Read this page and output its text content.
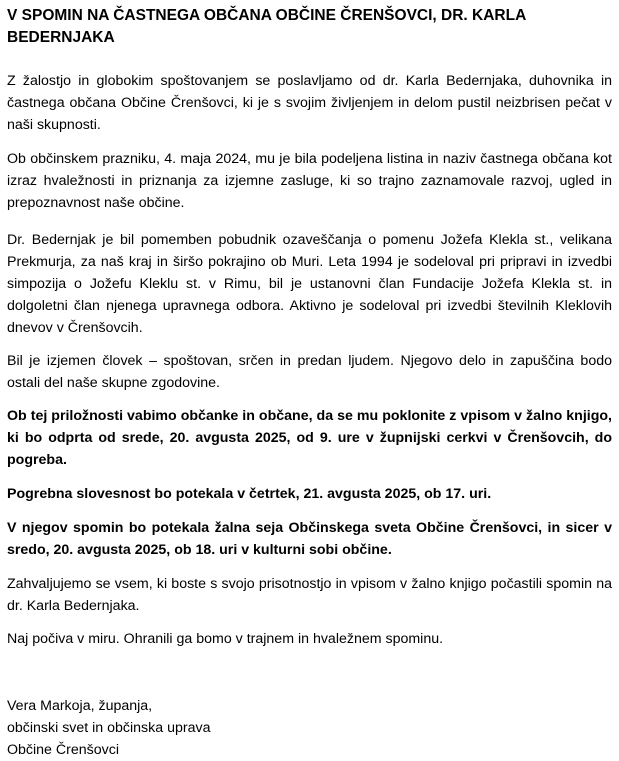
V SPOMIN NA ČASTNEGA OBČANA OBČINE ČRENŠOVCI, DR. KARLA BEDERNJAKA

Z žalostjo in globokim spoštovanjem se poslavljamo od dr. Karla Bedernjaka, duhovnika in častnega občana Občine Črenšovci, ki je s svojim življenjem in delom pustil neizbrisen pečat v naši skupnosti.

Ob občinskem prazniku, 4. maja 2024, mu je bila podeljena listina in naziv častnega občana kot izraz hvaležnosti in priznanja za izjemne zasluge, ki so trajno zaznamovale razvoj, ugled in prepoznavnost naše občine.

Dr. Bedernjak je bil pomemben pobudnik ozaveščanja o pomenu Jožefa Klekla st., velikana Prekmurja, za naš kraj in širšo pokrajino ob Muri. Leta 1994 je sodeloval pri pripravi in izvedbi simpozija o Jožefu Kleklu st. v Rimu, bil je ustanovni član Fundacije Jožefa Klekla st. in dolgoletni član njenega upravnega odbora. Aktivno je sodeloval pri izvedbi številnih Kleklovih dnevov v Črenšovcih.

Bil je izjemen človek – spoštovan, srčen in predan ljudem. Njegovo delo in zapuščina bodo ostali del naše skupne zgodovine.

Ob tej priložnosti vabimo občanke in občane, da se mu poklonite z vpisom v žalno knjigo, ki bo odprta od srede, 20. avgusta 2025, od 9. ure v župnijski cerkvi v Črenšovcih, do pogreba.

Pogrebna slovesnost bo potekala v četrtek, 21. avgusta 2025, ob 17. uri.

V njegov spomin bo potekala žalna seja Občinskega sveta Občine Črenšovci, in sicer v sredo, 20. avgusta 2025, ob 18. uri v kulturni sobi občine.

Zahvaljujemo se vsem, ki boste s svojo prisotnostjo in vpisom v žalno knjigo počastili spomin na dr. Karla Bedernjaka.

Naj počiva v miru. Ohranili ga bomo v trajnem in hvaležnem spominu.

Vera Markoja, županja,
občinski svet in občinska uprava
Občine Črenšovci
